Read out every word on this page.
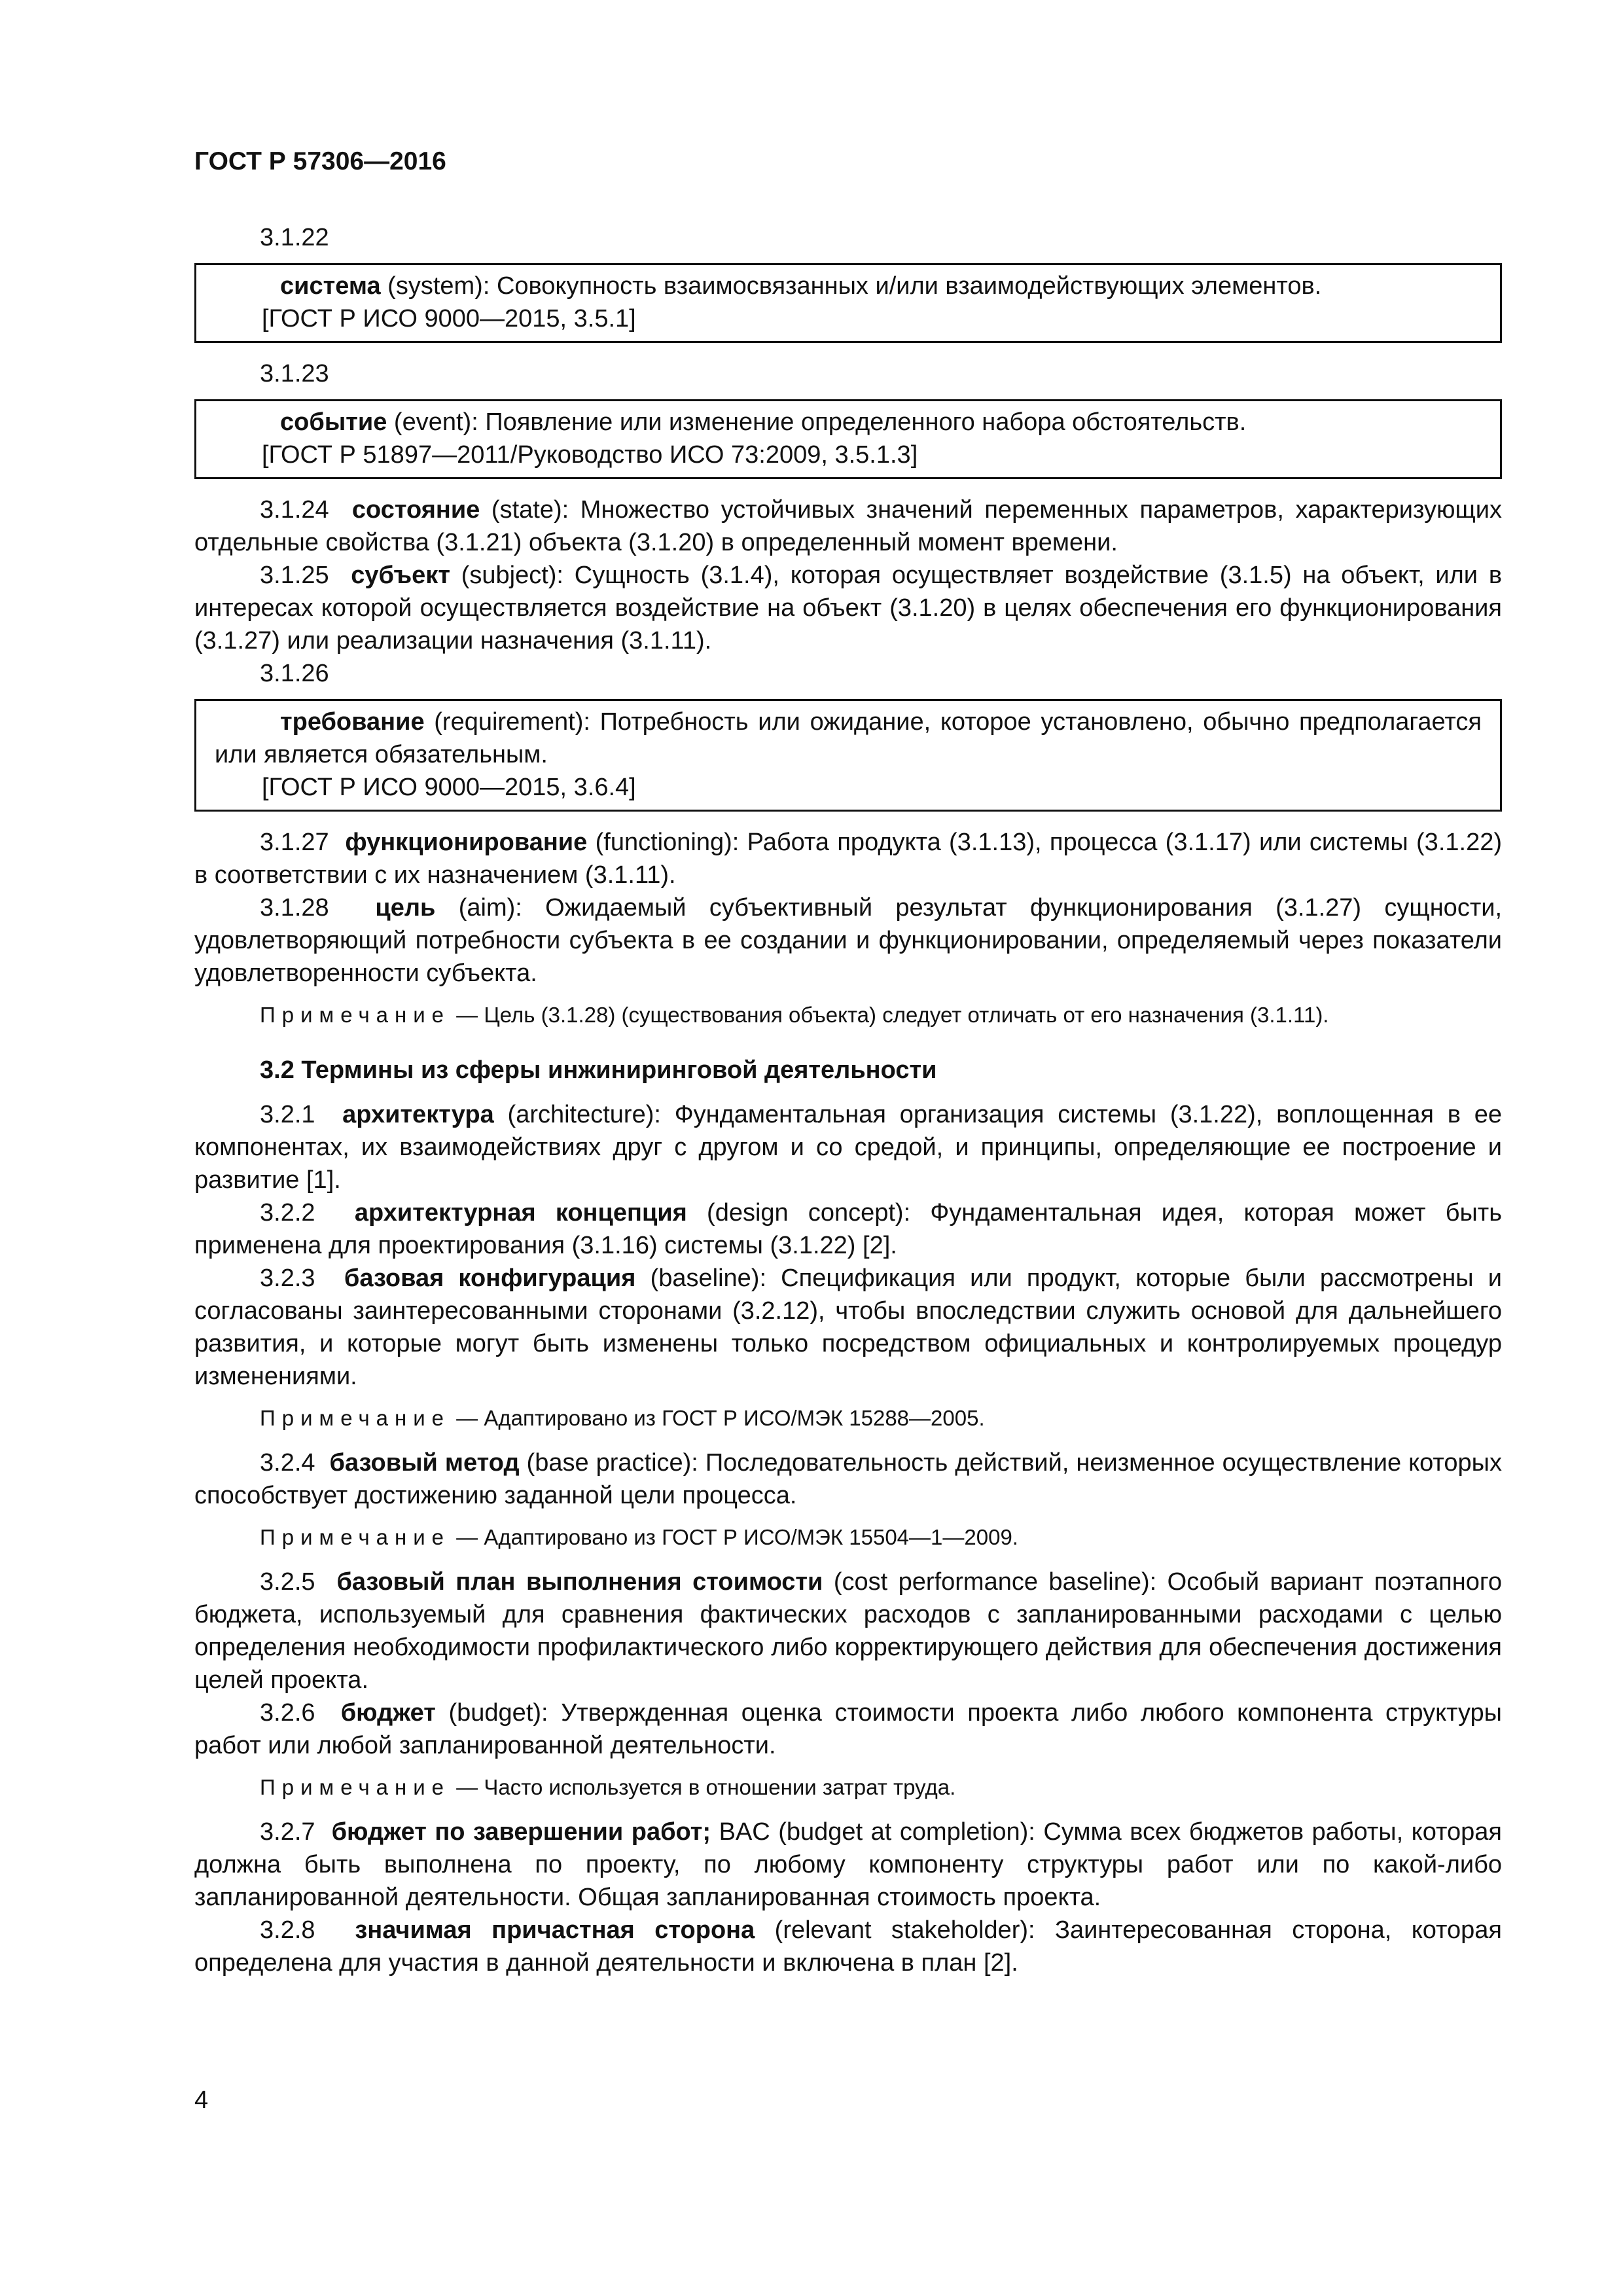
ГОСТ Р 57306—2016

3.1.22

система (system): Совокупность взаимосвязанных и/или взаимодействующих элементов.

[ГОСТ Р ИСО 9000—2015, 3.5.1]

3.1.23

событие (event): Появление или изменение определенного набора обстоятельств.

[ГОСТ Р 51897—2011/Руководство ИСО 73:2009, 3.5.1.3]

3.1.24 состояние (state): Множество устойчивых значений переменных параметров, характеризующих отдельные свойства (3.1.21) объекта (3.1.20) в определенный момент времени.

3.1.25 субъект (subject): Сущность (3.1.4), которая осуществляет воздействие (3.1.5) на объект, или в интересах которой осуществляется воздействие на объект (3.1.20) в целях обеспечения его функционирования (3.1.27) или реализации назначения (3.1.11).

3.1.26

требование (requirement): Потребность или ожидание, которое установлено, обычно предполагается или является обязательным.

[ГОСТ Р ИСО 9000—2015, 3.6.4]

3.1.27 функционирование (functioning): Работа продукта (3.1.13), процесса (3.1.17) или системы (3.1.22) в соответствии с их назначением (3.1.11).

3.1.28 цель (aim): Ожидаемый субъективный результат функционирования (3.1.27) сущности, удовлетворяющий потребности субъекта в ее создании и функционировании, определяемый через показатели удовлетворенности субъекта.

Примечание — Цель (3.1.28) (существования объекта) следует отличать от его назначения (3.1.11).

3.2 Термины из сферы инжиниринговой деятельности

3.2.1 архитектура (architecture): Фундаментальная организация системы (3.1.22), воплощенная в ее компонентах, их взаимодействиях друг с другом и со средой, и принципы, определяющие ее построение и развитие [1].

3.2.2 архитектурная концепция (design concept): Фундаментальная идея, которая может быть применена для проектирования (3.1.16) системы (3.1.22) [2].

3.2.3 базовая конфигурация (baseline): Спецификация или продукт, которые были рассмотрены и согласованы заинтересованными сторонами (3.2.12), чтобы впоследствии служить основой для дальнейшего развития, и которые могут быть изменены только посредством официальных и контролируемых процедур изменениями.

Примечание — Адаптировано из ГОСТ Р ИСО/МЭК 15288—2005.

3.2.4 базовый метод (base practice): Последовательность действий, неизменное осуществление которых способствует достижению заданной цели процесса.

Примечание — Адаптировано из ГОСТ Р ИСО/МЭК 15504—1—2009.

3.2.5 базовый план выполнения стоимости (cost performance baseline): Особый вариант поэтапного бюджета, используемый для сравнения фактических расходов с запланированными расходами с целью определения необходимости профилактического либо корректирующего действия для обеспечения достижения целей проекта.

3.2.6 бюджет (budget): Утвержденная оценка стоимости проекта либо любого компонента структуры работ или любой запланированной деятельности.

Примечание — Часто используется в отношении затрат труда.

3.2.7 бюджет по завершении работ; BAC (budget at completion): Сумма всех бюджетов работы, которая должна быть выполнена по проекту, по любому компоненту структуры работ или по какой-либо запланированной деятельности. Общая запланированная стоимость проекта.

3.2.8 значимая причастная сторона (relevant stakeholder): Заинтересованная сторона, которая определена для участия в данной деятельности и включена в план [2].

4
